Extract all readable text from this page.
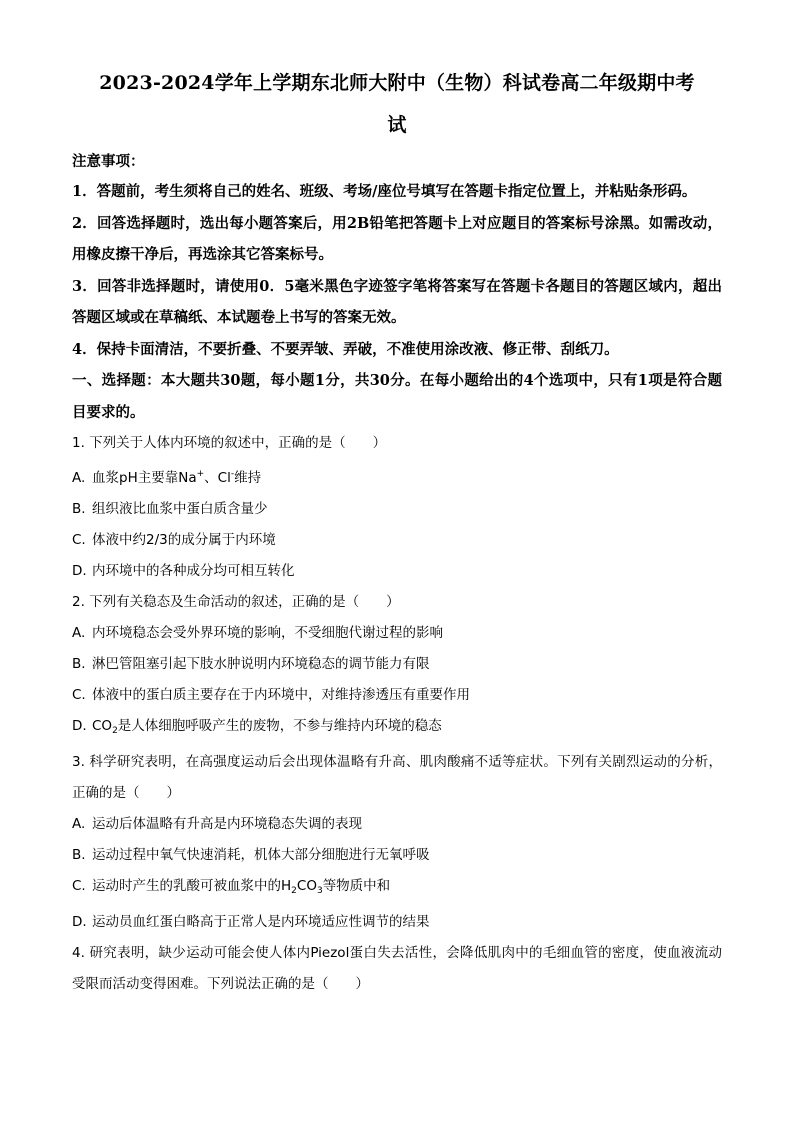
2023-2024学年上学期东北师大附中（生物）科试卷高二年级期中考

试

注意事项：

1．答题前，考生须将自己的姓名、班级、考场/座位号填写在答题卡指定位置上，并粘贴条形码。

2．回答选择题时，选出每小题答案后，用2B铅笔把答题卡上对应题目的答案标号涂黑。如需改动，用橡皮擦干净后，再选涂其它答案标号。

3．回答非选择题时，请使用0．5毫米黑色字迹签字笔将答案写在答题卡各题目的答题区域内，超出答题区域或在草稿纸、本试题卷上书写的答案无效。

4．保持卡面清洁，不要折叠、不要弄皱、弄破，不准使用涂改液、修正带、刮纸刀。

一、选择题：本大题共30题，每小题1分，共30分。在每小题给出的4个选项中，只有1项是符合题目要求的。

1. 下列关于人体内环境的叙述中，正确的是（　　）

A. 血浆pH主要靠Na+、Cl-维持

B. 组织液比血浆中蛋白质含量少

C. 体液中约2/3的成分属于内环境

D. 内环境中的各种成分均可相互转化

2. 下列有关稳态及生命活动的叙述，正确的是（　　）

A. 内环境稳态会受外界环境的影响，不受细胞代谢过程的影响

B. 淋巴管阻塞引起下肢水肿说明内环境稳态的调节能力有限

C. 体液中的蛋白质主要存在于内环境中，对维持渗透压有重要作用

D. $CO_2$是人体细胞呼吸产生的废物，不参与维持内环境的稳态

3. 科学研究表明，在高强度运动后会出现体温略有升高、肌肉酸痛不适等症状。下列有关剧烈运动的分析，正确的是（　　）

A. 运动后体温略有升高是内环境稳态失调的表现

B. 运动过程中氧气快速消耗，机体大部分细胞进行无氧呼吸

C. 运动时产生的乳酸可被血浆中的$H_2CO_3$等物质中和

D. 运动员血红蛋白略高于正常人是内环境适应性调节的结果

4. 研究表明，缺少运动可能会使人体内Piezol蛋白失去活性，会降低肌肉中的毛细血管的密度，使血液流动受限而活动变得困难。下列说法正确的是（　　）
